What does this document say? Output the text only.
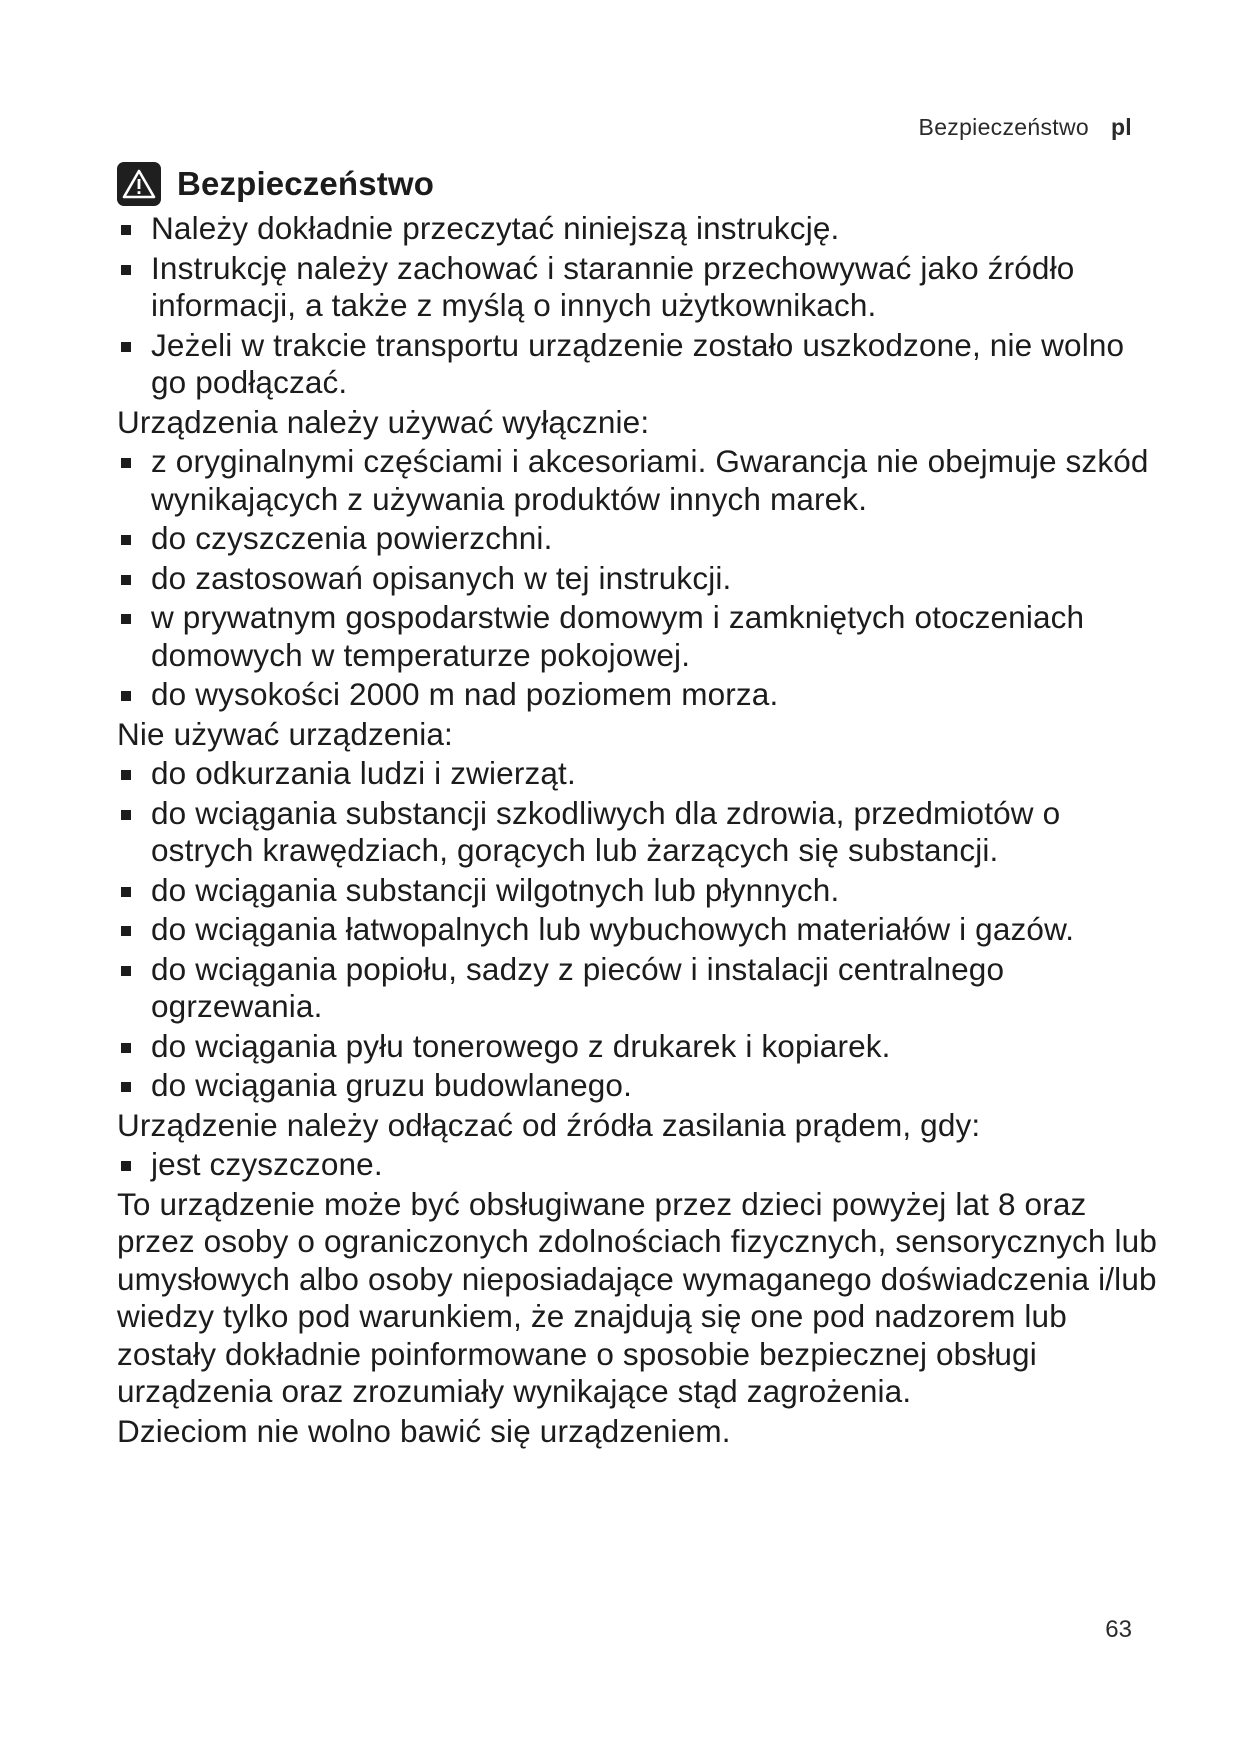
Bezpieczeństwo pl
Bezpieczeństwo
Należy dokładnie przeczytać niniejszą instrukcję.
Instrukcję należy zachować i starannie przechowywać jako źródło informacji, a także z myślą o innych użytkownikach.
Jeżeli w trakcie transportu urządzenie zostało uszkodzone, nie wolno go podłączać.

Urządzenia należy używać wyłącznie:

z oryginalnymi częściami i akcesoriami. Gwarancja nie obejmuje szkód wynikających z używania produktów innych marek.
do czyszczenia powierzchni.
do zastosowań opisanych w tej instrukcji.
w prywatnym gospodarstwie domowym i zamkniętych otoczeniach domowych w temperaturze pokojowej.
do wysokości 2000 m nad poziomem morza.

Nie używać urządzenia:

do odkurzania ludzi i zwierząt.
do wciągania substancji szkodliwych dla zdrowia, przedmiotów o ostrych krawędziach, gorących lub żarzących się substancji.
do wciągania substancji wilgotnych lub płynnych.
do wciągania łatwopalnych lub wybuchowych materiałów i gazów.
do wciągania popiołu, sadzy z pieców i instalacji centralnego ogrzewania.
do wciągania pyłu tonerowego z drukarek i kopiarek.
do wciągania gruzu budowlanego.

Urządzenie należy odłączać od źródła zasilania prądem, gdy:

jest czyszczone.

To urządzenie może być obsługiwane przez dzieci powyżej lat 8 oraz przez osoby o ograniczonych zdolnościach fizycznych, sensorycznych lub umysłowych albo osoby nieposiadające wymaganego doświadczenia i/lub wiedzy tylko pod warunkiem, że znajdują się one pod nadzorem lub zostały dokładnie poinformowane o sposobie bezpiecznej obsługi urządzenia oraz zrozumiały wynikające stąd zagrożenia.

Dzieciom nie wolno bawić się urządzeniem.

63
